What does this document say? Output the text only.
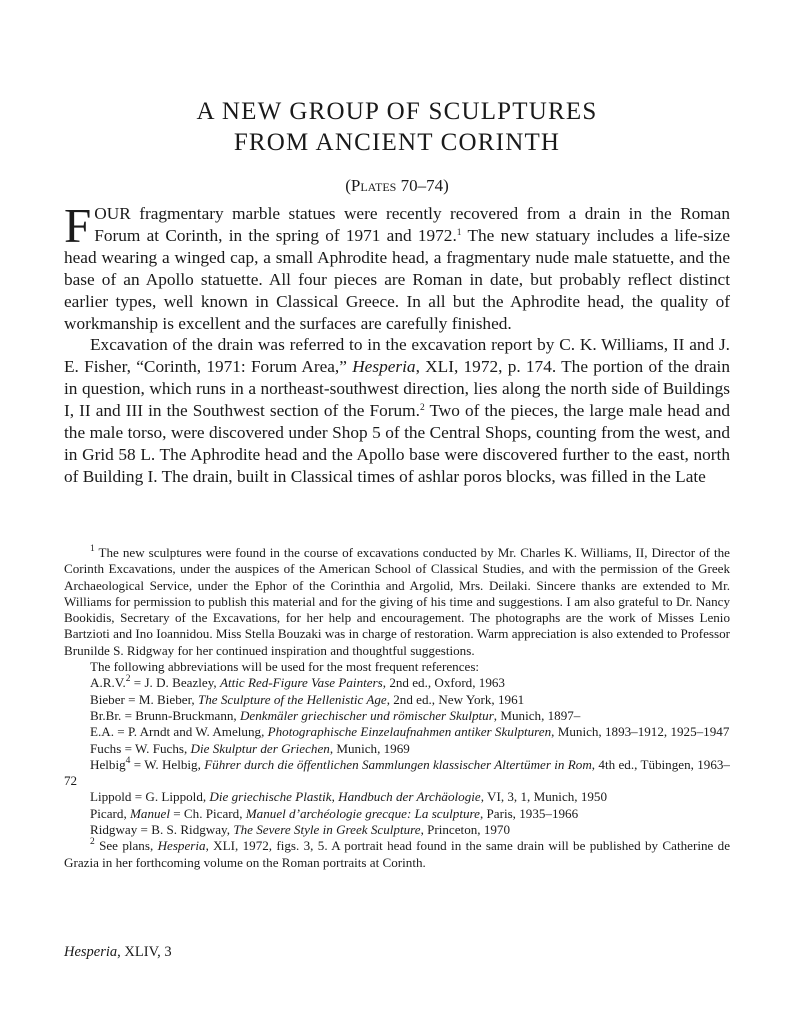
A NEW GROUP OF SCULPTURES
FROM ANCIENT CORINTH
(Plates 70–74)

FOUR fragmentary marble statues were recently recovered from a drain in the Roman Forum at Corinth, in the spring of 1971 and 1972.$^1$ The new statuary includes a life-size head wearing a winged cap, a small Aphrodite head, a fragmentary nude male statuette, and the base of an Apollo statuette. All four pieces are Roman in date, but probably reflect distinct earlier types, well known in Classical Greece. In all but the Aphrodite head, the quality of workmanship is excellent and the surfaces are carefully finished.

Excavation of the drain was referred to in the excavation report by C. K. Williams, II and J. E. Fisher, “Corinth, 1971: Forum Area,” Hesperia, XLI, 1972, p. 174. The portion of the drain in question, which runs in a northeast-southwest direction, lies along the north side of Buildings I, II and III in the Southwest section of the Forum.$^2$ Two of the pieces, the large male head and the male torso, were discovered under Shop 5 of the Central Shops, counting from the west, and in Grid 58 L. The Aphrodite head and the Apollo base were discovered further to the east, north of Building I. The drain, built in Classical times of ashlar poros blocks, was filled in the Late

$^1$ The new sculptures were found in the course of excavations conducted by Mr. Charles K. Williams, II, Director of the Corinth Excavations, under the auspices of the American School of Classical Studies, and with the permission of the Greek Archaeological Service, under the Ephor of the Corinthia and Argolid, Mrs. Deilaki. Sincere thanks are extended to Mr. Williams for permission to publish this material and for the giving of his time and suggestions. I am also grateful to Dr. Nancy Bookidis, Secretary of the Excavations, for her help and encouragement. The photographs are the work of Misses Lenio Bartzioti and Ino Ioannidou. Miss Stella Bouzaki was in charge of restoration. Warm appreciation is also extended to Professor Brunilde S. Ridgway for her continued inspiration and thoughtful suggestions.

The following abbreviations will be used for the most frequent references:

A.R.V.$^2$ = J. D. Beazley, Attic Red-Figure Vase Painters, 2nd ed., Oxford, 1963

Bieber = M. Bieber, The Sculpture of the Hellenistic Age, 2nd ed., New York, 1961

Br.Br. = Brunn-Bruckmann, Denkmäler griechischer und römischer Skulptur, Munich, 1897–

E.A. = P. Arndt and W. Amelung, Photographische Einzelaufnahmen antiker Skulpturen, Munich, 1893–1912, 1925–1947

Fuchs = W. Fuchs, Die Skulptur der Griechen, Munich, 1969

Helbig$^4$ = W. Helbig, Führer durch die öffentlichen Sammlungen klassischer Altertümer in Rom, 4th ed., Tübingen, 1963–72

Lippold = G. Lippold, Die griechische Plastik, Handbuch der Archäologie, VI, 3, 1, Munich, 1950

Picard, Manuel = Ch. Picard, Manuel d’archéologie grecque: La sculpture, Paris, 1935–1966

Ridgway = B. S. Ridgway, The Severe Style in Greek Sculpture, Princeton, 1970

$^2$ See plans, Hesperia, XLI, 1972, figs. 3, 5. A portrait head found in the same drain will be published by Catherine de Grazia in her forthcoming volume on the Roman portraits at Corinth.

Hesperia, XLIV, 3
